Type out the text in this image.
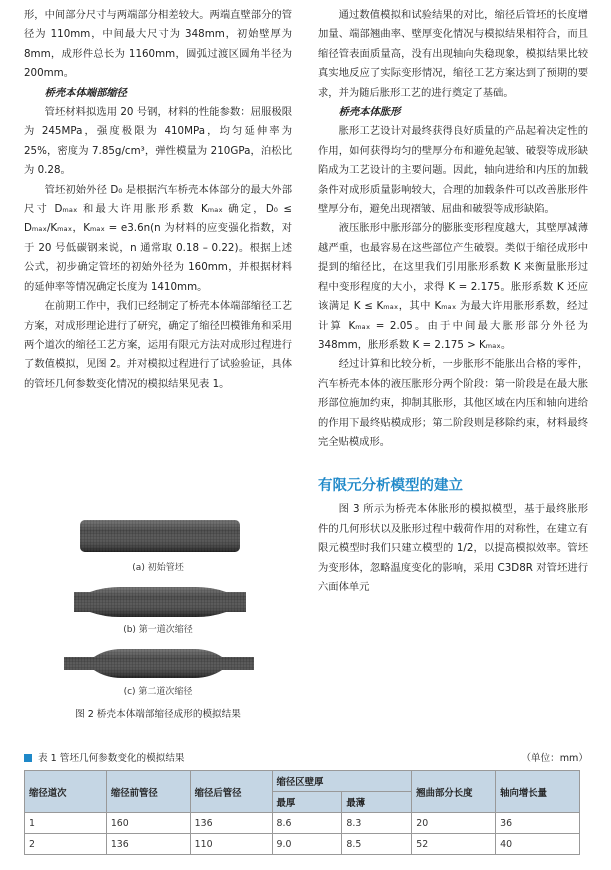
形，中间部分尺寸与两端部分相差较大。两端直壁部分的管径为 110mm，中间最大尺寸为 348mm，初始壁厚为 8mm，成形件总长为 1160mm，圆弧过渡区圆角半径为 200mm。

桥壳本体端部缩径

管坯材料拟选用 20 号钢，材料的性能参数：屈服极限为 245MPa，强度极限为 410MPa，均匀延伸率为 25%，密度为 7.85g/cm³，弹性模量为 210GPa，泊松比为 0.28。

管坯初始外径 D₀ 是根据汽车桥壳本体部分的最大外部尺寸 Dₘₐₓ 和最大许用胀形系数 Kₘₐₓ 确定，D₀ ≤ Dₘₐₓ/Kₘₐₓ，Kₘₐₓ = e3.6n(n 为材料的应变强化指数，对于 20 号低碳钢来说，n 通常取 0.18 – 0.22)。根据上述公式，初步确定管坯的初始外径为 160mm，并根据材料的延伸率等情况确定长度为 1410mm。

在前期工作中，我们已经制定了桥壳本体端部缩径工艺方案，对成形理论进行了研究，确定了缩径凹模锥角和采用两个道次的缩径工艺方案，运用有限元方法对成形过程进行了数值模拟，见图 2。并对模拟过程进行了试验验证，具体的管坯几何参数变化情况的模拟结果见表 1。

(a) 初始管坯
(b) 第一道次缩径
(c) 第二道次缩径
图 2 桥壳本体端部缩径成形的模拟结果

通过数值模拟和试验结果的对比，缩径后管坯的长度增加量、端部翘曲率、壁厚变化情况与模拟结果相符合，而且缩径管表面质量高，没有出现轴向失稳现象，模拟结果比较真实地反应了实际变形情况，缩径工艺方案达到了预期的要求，并为随后胀形工艺的进行奠定了基础。

桥壳本体胀形

胀形工艺设计对最终获得良好质量的产品起着决定性的作用，如何获得均匀的壁厚分布和避免起皱、破裂等成形缺陷成为工艺设计的主要问题。因此，轴向进给和内压的加载条件对成形质量影响较大，合理的加载条件可以改善胀形件壁厚分布，避免出现褶皱、屈曲和破裂等成形缺陷。

液压胀形中胀形部分的膨胀变形程度越大，其壁厚减薄越严重，也最容易在这些部位产生破裂。类似于缩径成形中提到的缩径比，在这里我们引用胀形系数 K 来衡量胀形过程中变形程度的大小，求得 K = 2.175。胀形系数 K 还应该满足 K ≤ Kₘₐₓ，其中 Kₘₐₓ 为最大许用胀形系数，经过计算 Kₘₐₓ = 2.05。由于中间最大胀形部分外径为 348mm，胀形系数 K = 2.175 > Kₘₐₓ。

经过计算和比较分析，一步胀形不能胀出合格的零件，汽车桥壳本体的液压胀形分两个阶段：第一阶段是在最大胀形部位施加约束，抑制其胀形，其他区域在内压和轴向进给的作用下最终贴模成形；第二阶段则是移除约束，材料最终完全贴模成形。

有限元分析模型的建立

图 3 所示为桥壳本体胀形的模拟模型，基于最终胀形件的几何形状以及胀形过程中载荷作用的对称性，在建立有限元模型时我们只建立模型的 1/2，以提高模拟效率。管坯为变形体，忽略温度变化的影响，采用 C3D8R 对管坯进行六面体单元

表 1 管坯几何参数变化的模拟结果	（单位：mm）
缩径道次	缩径前管径	缩径后管径	缩径区壁厚		翘曲部分长度	轴向增长量
			最厚	最薄		
1	160	136	8.6	8.3	20	36
2	136	110	9.0	8.5	52	40
